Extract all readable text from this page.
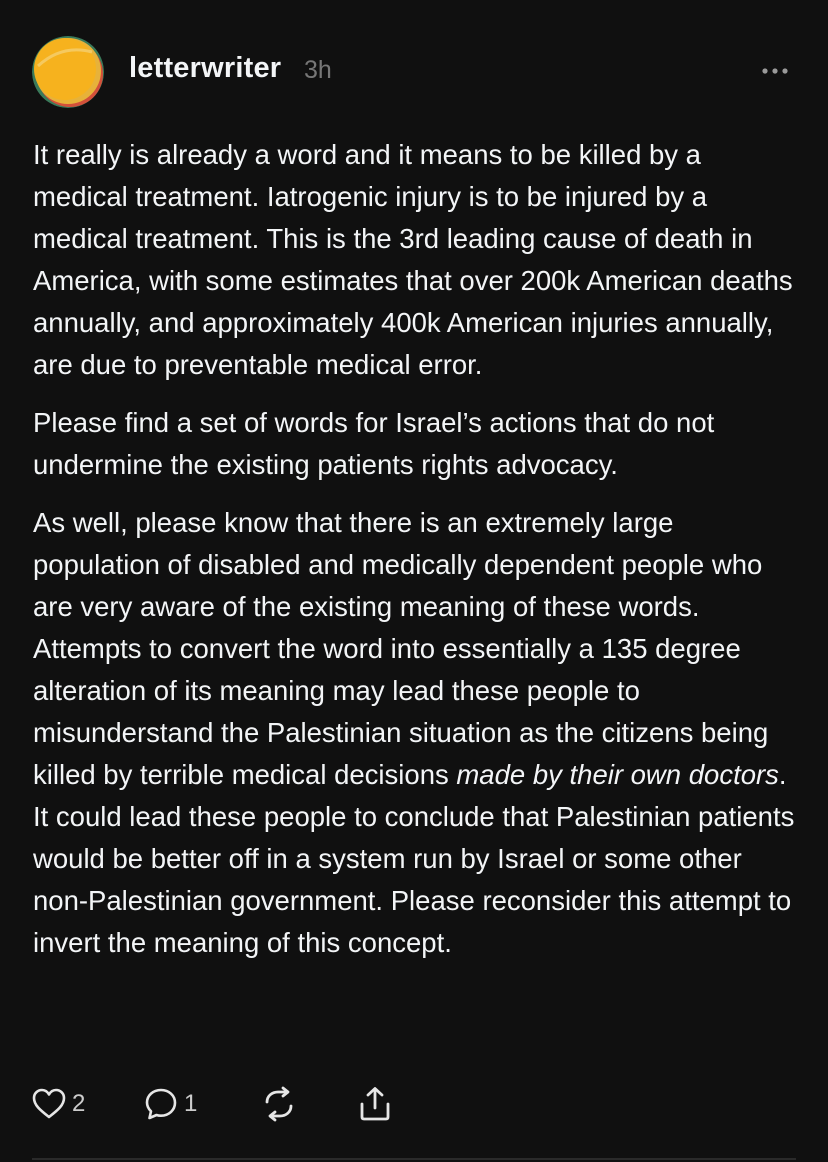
letterwriter 3h

It really is already a word and it means to be killed by a medical treatment. Iatrogenic injury is to be injured by a medical treatment. This is the 3rd leading cause of death in America, with some estimates that over 200k American deaths annually, and approximately 400k American injuries annually, are due to preventable medical error.

Please find a set of words for Israel’s actions that do not undermine the existing patients rights advocacy.

As well, please know that there is an extremely large population of disabled and medically dependent people who are very aware of the existing meaning of these words. Attempts to convert the word into essentially a 135 degree alteration of its meaning may lead these people to misunderstand the Palestinian situation as the citizens being killed by terrible medical decisions made by their own doctors. It could lead these people to conclude that Palestinian patients would be better off in a system run by Israel or some other non-Palestinian government. Please reconsider this attempt to invert the meaning of this concept.

2	1
